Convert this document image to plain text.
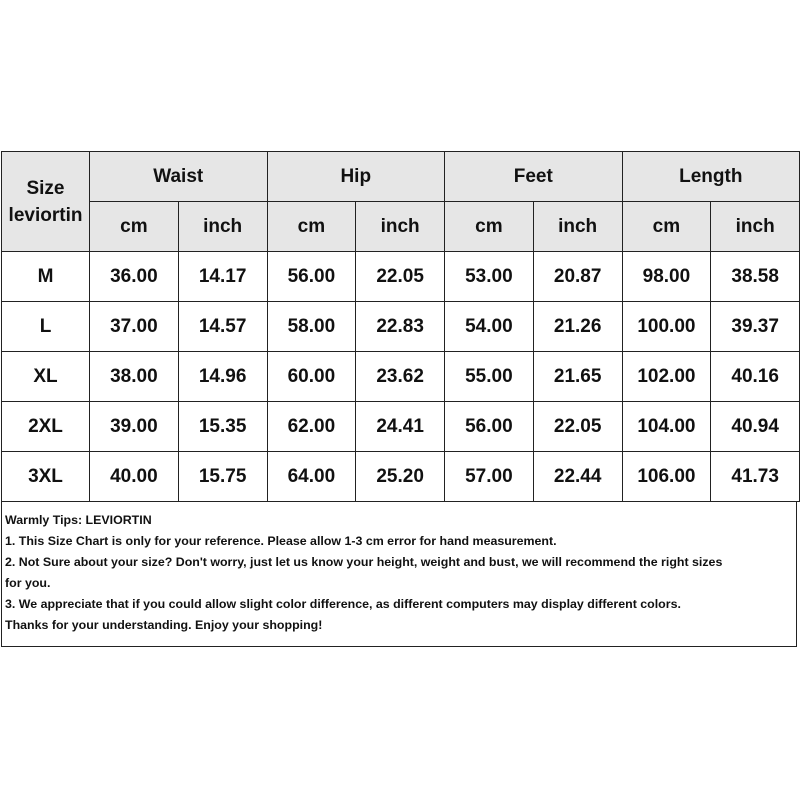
Size
leviortin	Waist		Hip		Feet		Length	
	cm	inch	cm	inch	cm	inch	cm	inch
M	36.00	14.17	56.00	22.05	53.00	20.87	98.00	38.58
L	37.00	14.57	58.00	22.83	54.00	21.26	100.00	39.37
XL	38.00	14.96	60.00	23.62	55.00	21.65	102.00	40.16
2XL	39.00	15.35	62.00	24.41	56.00	22.05	104.00	40.94
3XL	40.00	15.75	64.00	25.20	57.00	22.44	106.00	41.73

Warmly Tips: LEVIORTIN

1. This Size Chart is only for your reference. Please allow 1-3 cm error for hand measurement.

2. Not Sure about your size? Don't worry, just let us know your height, weight and bust, we will recommend the right sizes

for you.

3. We appreciate that if you could allow slight color difference, as different computers may display different colors.

Thanks for your understanding. Enjoy your shopping!
